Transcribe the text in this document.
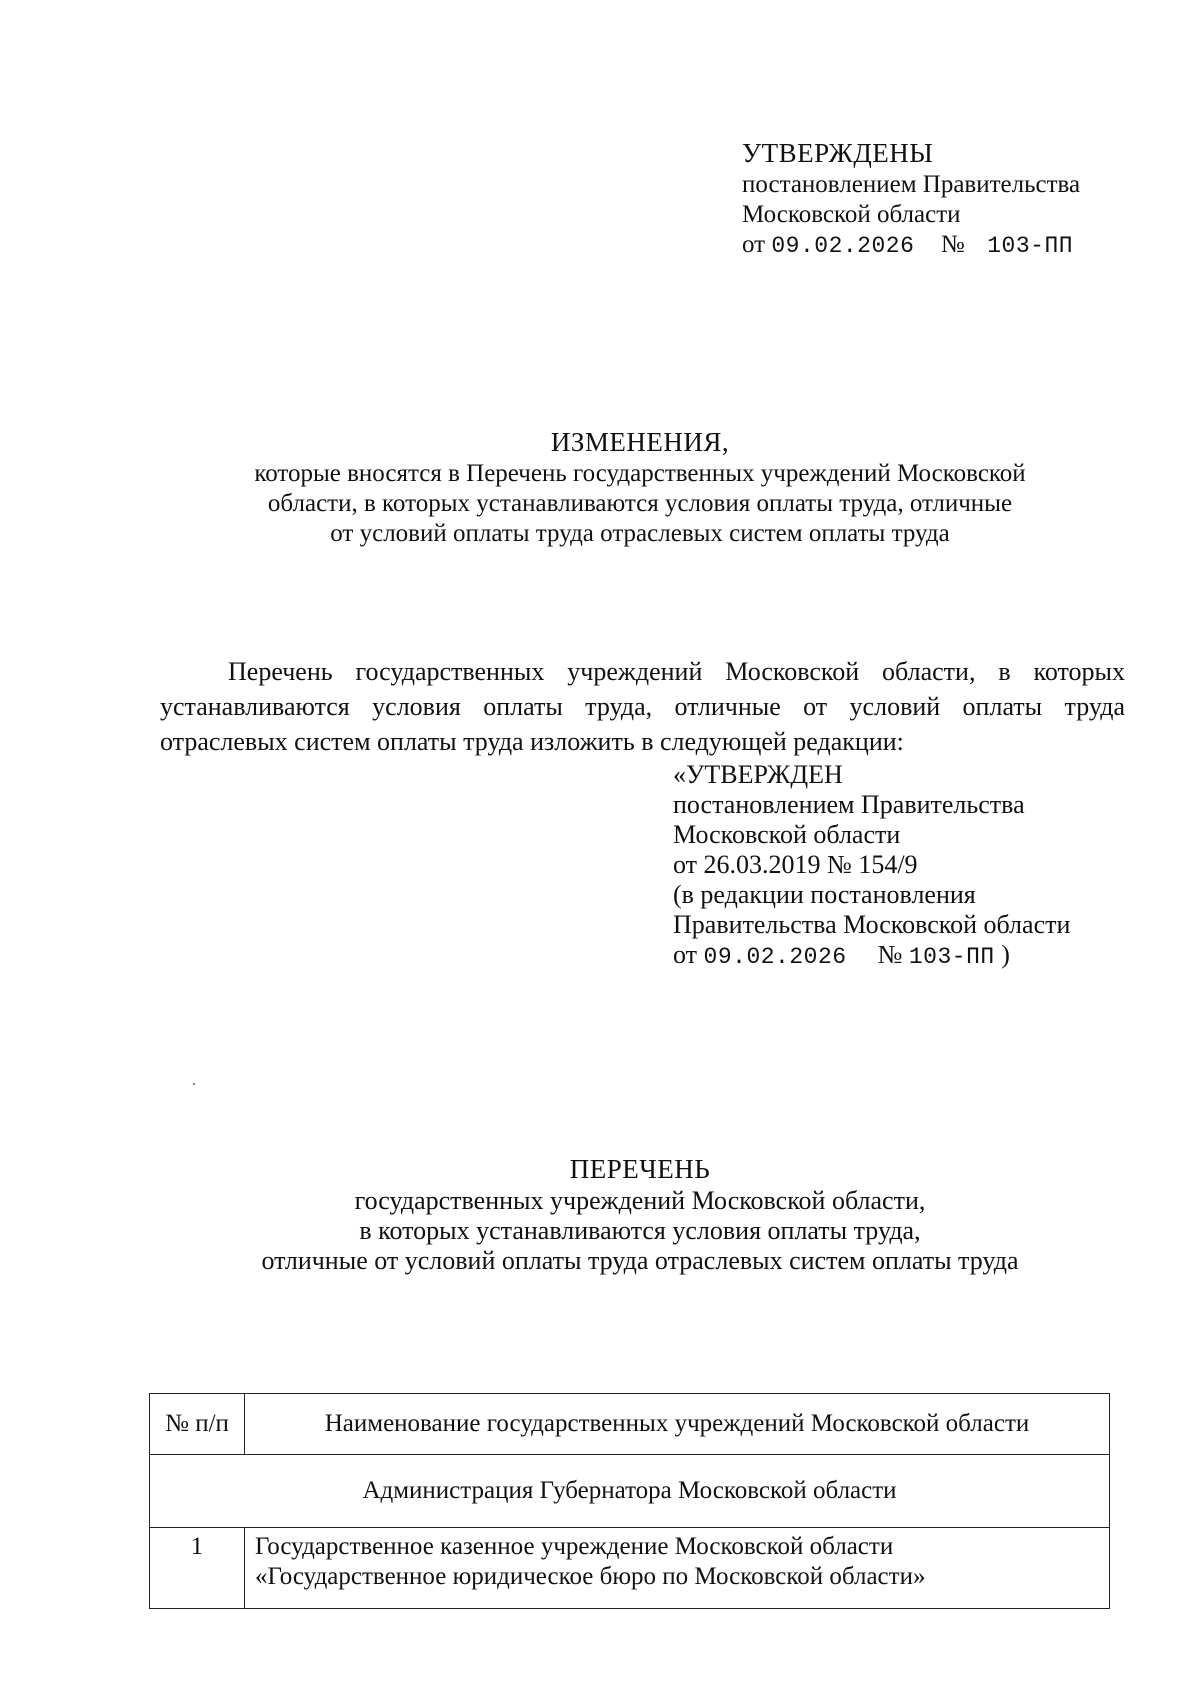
УТВЕРЖДЕНЫ
постановлением Правительства
Московской области
от 09.02.2026 № 103-ПП
ИЗМЕНЕНИЯ,
которые вносятся в Перечень государственных учреждений Московской
области, в которых устанавливаются условия оплаты труда, отличные
от условий оплаты труда отраслевых систем оплаты труда
Перечень государственных учреждений Московской области, в которых
устанавливаются условия оплаты труда, отличные от условий оплаты труда
отраслевых систем оплаты труда изложить в следующей редакции:
«УТВЕРЖДЕН
постановлением Правительства
Московской области
от 26.03.2019 № 154/9
(в редакции постановления
Правительства Московской области
от 09.02.2026 № 103-ПП )
ПЕРЕЧЕНЬ
государственных учреждений Московской области,
в которых устанавливаются условия оплаты труда,
отличные от условий оплаты труда отраслевых систем оплаты труда
№ п/п	Наименование государственных учреждений Московской области
Администрация Губернатора Московской области	
1	Государственное казенное учреждение Московской области
«Государственное юридическое бюро по Московской области»
